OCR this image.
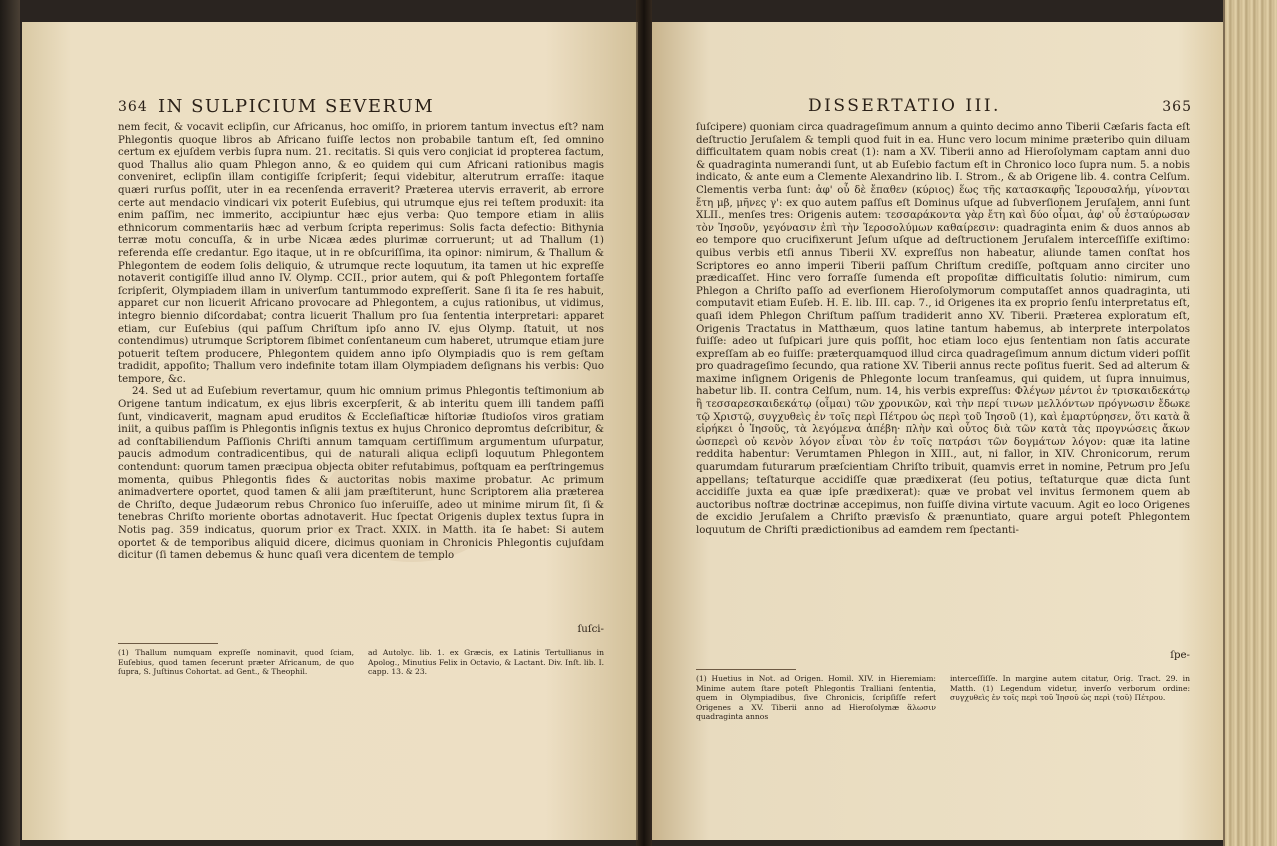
364 IN SULPICIUM SEVERUM

nem fecit, & vocavit eclipſin, cur Africanus, hoc omiſſo, in priorem tantum invectus eſt? nam Phlegontis quoque libros ab Africano fuiſſe lectos non probabile tantum eſt, ſed omnino certum ex ejuſdem verbis ſupra num. 21. recitatis. Si quis vero conjiciat id propterea factum, quod Thallus alio quam Phlegon anno, & eo quidem qui cum Africani rationibus magis conveniret, eclipſin illam contigiſſe ſcripſerit; ſequi videbitur, alterutrum erraſſe: itaque quæri rurſus poſſit, uter in ea recenſenda erraverit? Præterea utervis erraverit, ab errore certe aut mendacio vindicari vix poterit Euſebius, qui utrumque ejus rei teſtem produxit: ita enim paſſim, nec immerito, accipiuntur hæc ejus verba: Quo tempore etiam in aliis ethnicorum commentariis hæc ad verbum ſcripta reperimus: Solis facta defectio: Bithynia terræ motu concuſſa, & in urbe Nicæa ædes plurimæ corruerunt; ut ad Thallum (1) referenda eſſe credantur. Ego itaque, ut in re obſcuriſſima, ita opinor: nimirum, & Thallum & Phlegontem de eodem ſolis deliquio, & utrumque recte loquutum, ita tamen ut hic expreſſe notaverit contigiſſe illud anno IV. Olymp. CCII., prior autem, qui & poſt Phlegontem fortaſſe ſcripſerit, Olympiadem illam in univerſum tantummodo expreſſerit. Sane ſi ita ſe res habuit, apparet cur non licuerit Africano provocare ad Phlegontem, a cujus rationibus, ut vidimus, integro biennio diſcordabat; contra licuerit Thallum pro ſua ſententia interpretari: apparet etiam, cur Euſebius (qui paſſum Chriſtum ipſo anno IV. ejus Olymp. ſtatuit, ut nos contendimus) utrumque Scriptorem ſibimet conſentaneum cum haberet, utrumque etiam jure potuerit teſtem producere, Phlegontem quidem anno ipſo Olympiadis quo is rem geſtam tradidit, appoſito; Thallum vero indefinite totam illam Olympiadem deſignans his verbis: Quo tempore, &c.

24. Sed ut ad Euſebium revertamur, quum hic omnium primus Phlegontis teſtimonium ab Origene tantum indicatum, ex ejus libris excerpſerit, & ab interitu quem illi tandem paſſi ſunt, vindicaverit, magnam apud eruditos & Eccleſiaſticæ hiſtoriæ ſtudioſos viros gratiam iniit, a quibus paſſim is Phlegontis inſignis textus ex hujus Chronico depromtus deſcribitur, & ad conſtabiliendum Paſſionis Chriſti annum tamquam certiſſimum argumentum uſurpatur, paucis admodum contradicentibus, qui de naturali aliqua eclipſi loquutum Phlegontem contendunt: quorum tamen præcipua objecta obiter refutabimus, poſtquam ea perſtringemus momenta, quibus Phlegontis fides & auctoritas nobis maxime probatur. Ac primum animadvertere oportet, quod tamen & alii jam præſtiterunt, hunc Scriptorem alia præterea de Chriſto, deque Judæorum rebus Chronico ſuo inſeruiſſe, adeo ut minime mirum ſit, ſi & tenebras Chriſto moriente obortas adnotaverit. Huc ſpectat Origenis duplex textus ſupra in Notis pag. 359 indicatus, quorum prior ex Tract. XXIX. in Matth. ita ſe habet: Si autem oportet & de temporibus aliquid dicere, dicimus quoniam in Chronicis Phlegontis cujuſdam dicitur (ſi tamen debemus & hunc quaſi vera dicentem de templo

ſuſci-

(1) Thallum numquam expreſſe nominavit, quod ſciam, Euſebius, quod tamen ſecerunt præter Africanum, de quo ſupra, S. Juſtinus Cohortat. ad Gent., & Theophil.

ad Autolyc. lib. 1. ex Græcis, ex Latinis Tertullianus in Apolog., Minutius Felix in Octavio, & Lactant. Div. Inſt. lib. I. capp. 13. & 23.

DISSERTATIO III.	365

ſuſcipere) quoniam circa quadrageſimum annum a quinto decimo anno Tiberii Cæſaris facta eſt deſtructio Jeruſalem & templi quod fuit in ea. Hunc vero locum minime præteribo quin diluam difficultatem quam nobis creat (1): nam a XV. Tiberii anno ad Hieroſolymam captam anni duo & quadraginta numerandi ſunt, ut ab Euſebio factum eſt in Chronico loco ſupra num. 5. a nobis indicato, & ante eum a Clemente Alexandrino lib. I. Strom., & ab Origene lib. 4. contra Celſum. Clementis verba ſunt: ἀφ' οὗ δὲ ἔπαθεν (κύριος) ἕως τῆς κατασκαφῆς Ἱερουσαλήμ, γίνονται ἔτη μβ, μῆνες γ': ex quo autem paſſus eſt Dominus uſque ad ſubverſionem Jeruſalem, anni ſunt XLII., menſes tres: Origenis autem: τεσσαράκοντα γὰρ ἔτη καὶ δύο οἶμαι, ἀφ' οὗ ἐσταύρωσαν τὸν Ἰησοῦν, γεγόνασιν ἐπὶ τὴν Ἱεροσολύμων καθαίρεσιν: quadraginta enim & duos annos ab eo tempore quo crucifixerunt Jeſum uſque ad deſtructionem Jeruſalem interceſſiſſe exiſtimo: quibus verbis etſi annus Tiberii XV. expreſſus non habeatur, aliunde tamen conſtat hos Scriptores eo anno imperii Tiberii paſſum Chriſtum crediſſe, poſtquam anno circiter uno prædicaſſet. Hinc vero forraſſe ſumenda eſt propoſitæ difficultatis ſolutio: nimirum, cum Phlegon a Chriſto paſſo ad everſionem Hieroſolymorum computaſſet annos quadraginta, uti computavit etiam Euſeb. H. E. lib. III. cap. 7., id Origenes ita ex proprio ſenſu interpretatus eſt, quaſi idem Phlegon Chriſtum paſſum tradiderit anno XV. Tiberii. Præterea exploratum eſt, Origenis Tractatus in Matthæum, quos latine tantum habemus, ab interprete interpolatos fuiſſe: adeo ut ſuſpicari jure quis poſſit, hoc etiam loco ejus ſententiam non ſatis accurate expreſſam ab eo fuiſſe: præterquamquod illud circa quadrageſimum annum dictum videri poſſit pro quadrageſimo ſecundo, qua ratione XV. Tiberii annus recte poſitus fuerit. Sed ad alterum & maxime inſignem Origenis de Phlegonte locum tranſeamus, qui quidem, ut ſupra innuimus, habetur lib. II. contra Celſum, num. 14, his verbis expreſſus: Φλέγων μέντοι ἐν τρισκαιδεκάτῳ ἢ τεσσαρεσκαιδεκάτῳ (οἶμαι) τῶν χρονικῶν, καὶ τὴν περί τινων μελλόντων πρόγνωσιν ἔδωκε τῷ Χριστῷ, συγχυθεὶς ἐν τοῖς περὶ Πέτρου ὡς περὶ τοῦ Ἰησοῦ (1), καὶ ἐμαρτύρησεν, ὅτι κατὰ ἃ εἰρήκει ὁ Ἰησοῦς, τὰ λεγόμενα ἀπέβη· πλὴν καὶ οὗτος διὰ τῶν κατὰ τὰς προγνώσεις ἄκων ὡσπερεὶ οὐ κενὸν λόγον εἶναι τὸν ἐν τοῖς πατράσι τῶν δογμάτων λόγον: quæ ita latine reddita habentur: Verumtamen Phlegon in XIII., aut, ni fallor, in XIV. Chronicorum, rerum quarumdam futurarum præſcientiam Chriſto tribuit, quamvis erret in nomine, Petrum pro Jeſu appellans; teſtaturque accidiſſe quæ prædixerat (ſeu potius, teſtaturque quæ dicta ſunt accidiſſe juxta ea quæ ipſe prædixerat): quæ ve probat vel invitus ſermonem quem ab auctoribus noſtræ doctrinæ accepimus, non fuiſſe divina virtute vacuum. Agit eo loco Origenes de excidio Jeruſalem a Chriſto prævisſo & prænuntiato, quare argui poteſt Phlegontem loquutum de Chriſti prædictionibus ad eamdem rem ſpectanti-

ſpe-

(1) Huetius in Not. ad Origen. Homil. XIV. in Hieremiam: Minime autem ſtare poteſt Phlegontis Tralliani ſententia, quem in Olympiadibus, ſive Chronicis, ſcripſiſſe refert Origenes a XV. Tiberii anno ad Hieroſolymæ ἅλωσιν quadraginta annos

interceſſiſſe. In margine autem citatur, Orig. Tract. 29. in Matth. (1) Legendum videtur, inverſo verborum ordine: συγχυθεὶς ἐν τοῖς περὶ τοῦ Ἰησοῦ ὡς περὶ (τοῦ) Πέτρου.
